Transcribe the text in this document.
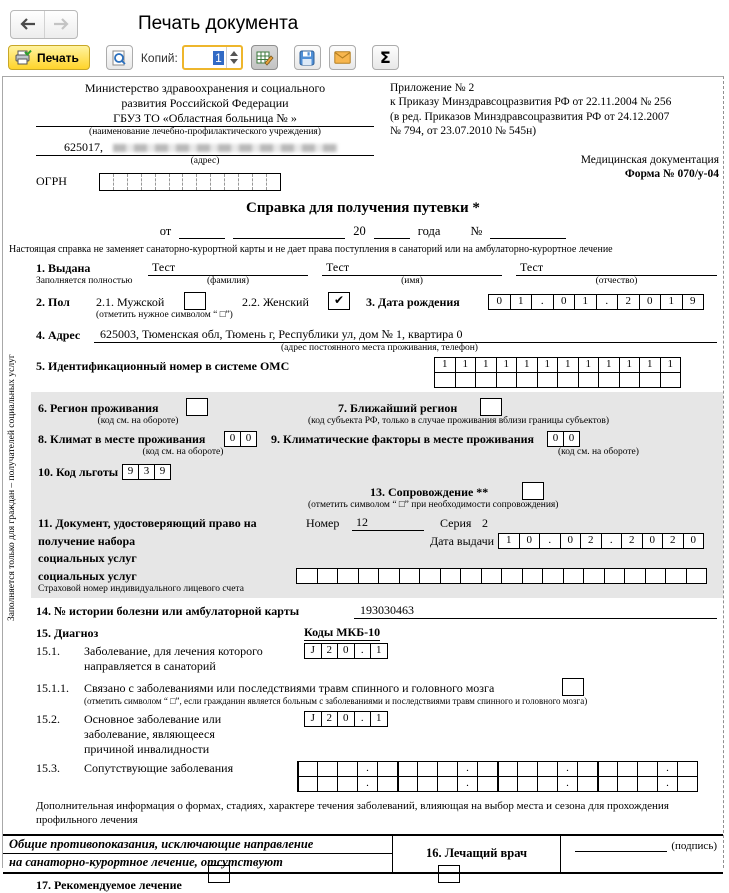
Печать документа
Печать	Копий:	1	Σ
Министерство здравоохранения и социального
развития Российской Федерации
ГБУЗ ТО «Областная больница № »
(наименование лечебно-профилактического учреждения)
625017,
(адрес)
ОГРН
Приложение № 2
к Приказу Минздравсоцразвития РФ от 22.11.2004 № 256
(в ред. Приказов Минздравсоцразвития РФ от 24.12.2007
№ 794, от 23.07.2010 № 545н)
Медицинская документация
Форма № 070/у-04
Справка для получения путевки *
от	20	года №
Настоящая справка не заменяет санаторно-курортной карты и не дает права поступления в санаторий или на амбулаторно-курортное лечение
1. Выдана	Тест	Тест	Тест
Заполняется полностью	(фамилия)	(имя)	(отчество)
2. Пол	2.1. Мужской	2.2. Женский	✔	3. Дата рождения	0	1	.	0	1	.	2	0	1	9
(отметить нужное символом “ □”)
4. Адрес	625003, Тюменская обл, Тюмень г, Республики ул, дом № 1, квартира 0
(адрес постоянного места проживания, телефон)
5. Идентификационный номер в системе ОМС	1	1	1	1	1	1	1	1	1	1	1	1
Заполняется только для граждан – получателей социальных услуг	6. Регион проживания	7. Ближайший регион
(код см. на обороте)	(код субъекта РФ, только в случае проживания вблизи границы субъектов)
8. Климат в месте проживания	0 0	9. Климатические факторы в месте проживания	0 0
(код см. на обороте)	(код см. на обороте)
10. Код льготы 9 3 9
13. Сопровождение **
(отметить символом “ □” при необходимости сопровождения)
11. Документ, удостоверяющий право на	Номер	12	Серия 2
получение набора	Дата выдачи	1	0	.	0	2	.	2	0	2	0
социальных услуг
социальных услуг
Страховой номер индивидуального лицевого счета
14. № истории болезни или амбулаторной карты	193030463
15. Диагноз	Коды МКБ-10
15.1.	Заболевание, для лечения которого	J	2	0	.	1
направляется в санаторий
15.1.1.	Связано с заболеваниями или последствиями травм спинного и головного мозга
(отметить символом “ □”, если гражданин является больным с заболеваниями и последствиями травм спинного и головного мозга)
15.2.	Основное заболевание или	J	2	0	.	1
заболевание, являющееся
причиной инвалидности
15.3.	Сопутствующие заболевания	.	.	.	.
.	.	.	.
Дополнительная информация о формах, стадиях, характере течения заболеваний, влияющая на выбор места и сезона для прохождения
профильного лечения
Общие противопоказания, исключающие направление
на санаторно-курортное лечение, отсутствуют
16. Лечащий врач
(подпись)
17. Рекомендуемое лечение
